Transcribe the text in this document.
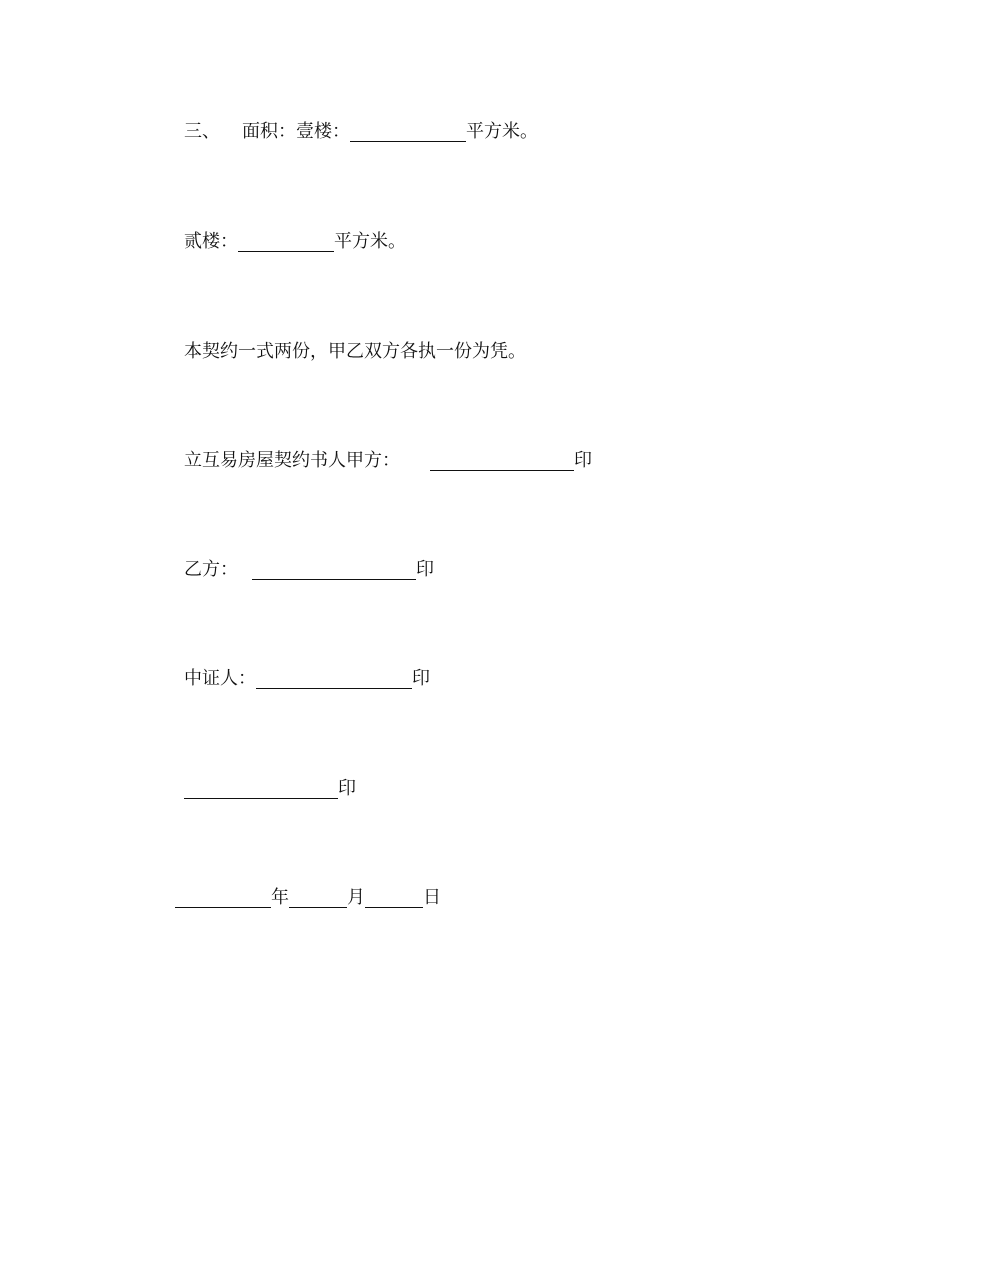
三、 面积：壹楼：	平方米。
贰楼：	平方米。
本契约一式两份，甲乙双方各执一份为凭。
立互易房屋契约书人甲方：	印
乙方：	印
中证人：	印
印
年	月	日
